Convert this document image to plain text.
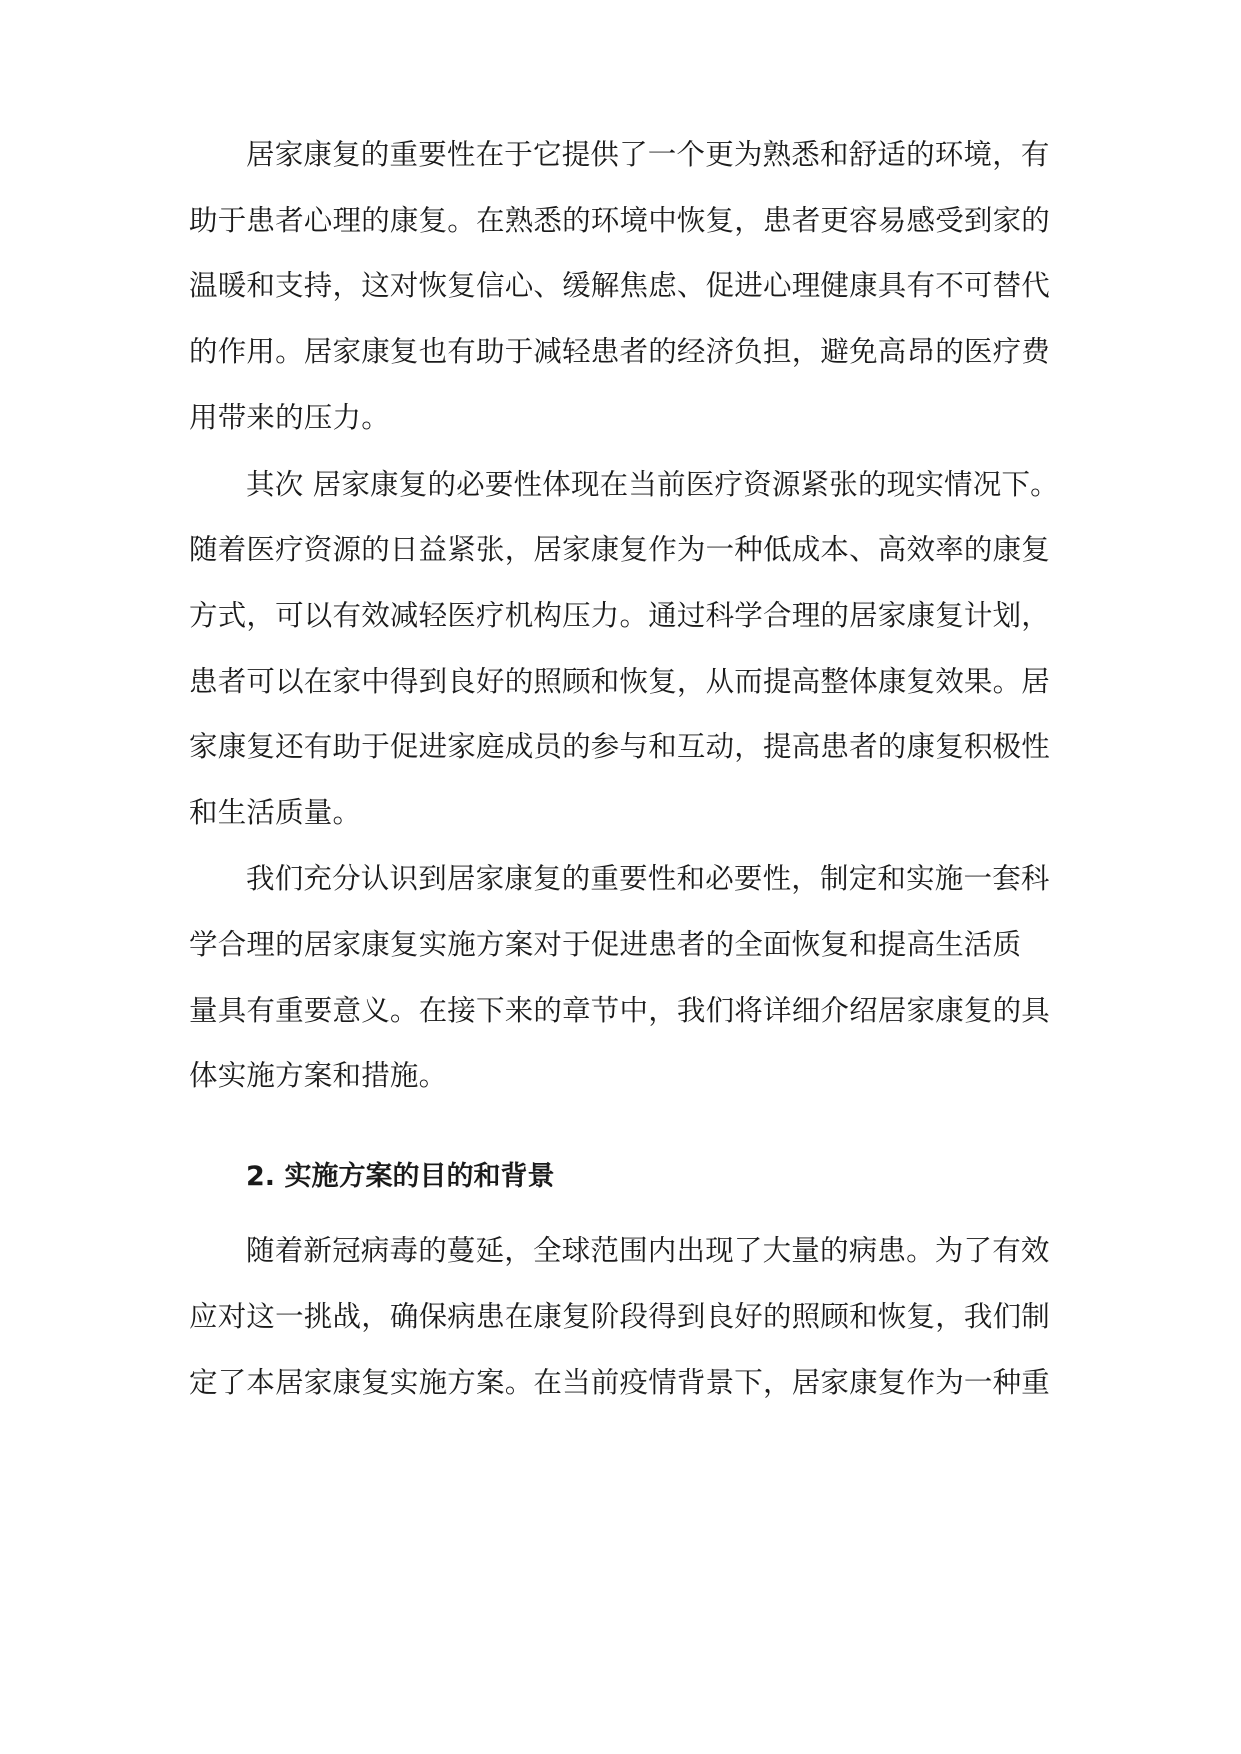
居家康复的重要性在于它提供了一个更为熟悉和舒适的环境，有
助于患者心理的康复。在熟悉的环境中恢复，患者更容易感受到家的
温暖和支持，这对恢复信心、缓解焦虑、促进心理健康具有不可替代
的作用。居家康复也有助于减轻患者的经济负担，避免高昂的医疗费
用带来的压力。
其次 居家康复的必要性体现在当前医疗资源紧张的现实情况下。
随着医疗资源的日益紧张，居家康复作为一种低成本、高效率的康复
方式，可以有效减轻医疗机构压力。通过科学合理的居家康复计划，
患者可以在家中得到良好的照顾和恢复，从而提高整体康复效果。居
家康复还有助于促进家庭成员的参与和互动，提高患者的康复积极性
和生活质量。
我们充分认识到居家康复的重要性和必要性，制定和实施一套科
学合理的居家康复实施方案对于促进患者的全面恢复和提高生活质
量具有重要意义。在接下来的章节中，我们将详细介绍居家康复的具
体实施方案和措施。
2. 实施方案的目的和背景
随着新冠病毒的蔓延，全球范围内出现了大量的病患。为了有效
应对这一挑战，确保病患在康复阶段得到良好的照顾和恢复，我们制
定了本居家康复实施方案。在当前疫情背景下，居家康复作为一种重
